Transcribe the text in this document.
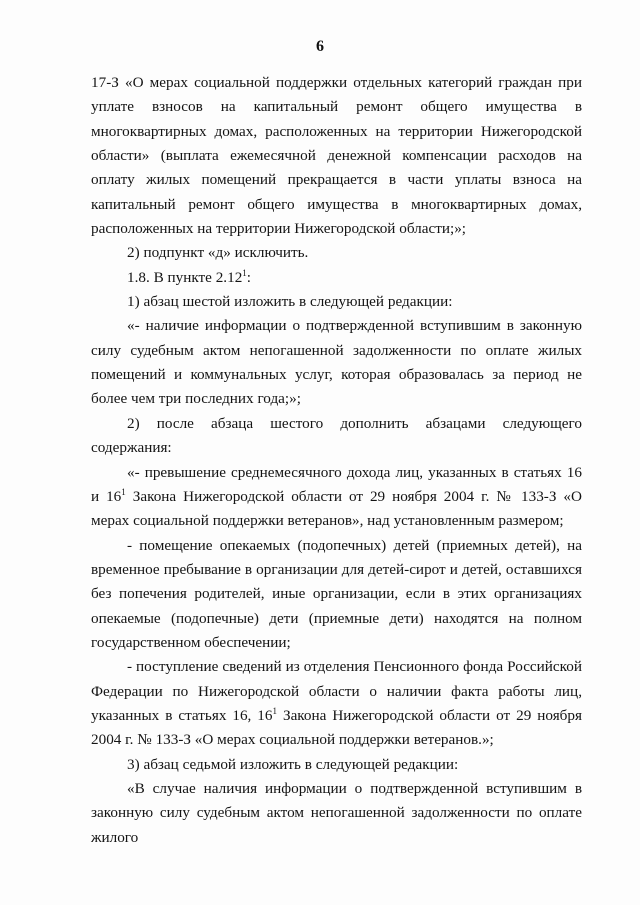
6

17-З «О мерах социальной поддержки отдельных категорий граждан при уплате взносов на капитальный ремонт общего имущества в многоквартирных домах, расположенных на территории Нижегородской области» (выплата ежемесячной денежной компенсации расходов на оплату жилых помещений прекращается в части уплаты взноса на капитальный ремонт общего имущества в многоквартирных домах, расположенных на территории Нижегородской области;»;

2) подпункт «д» исключить.

1.8. В пункте 2.12$^1$:

1) абзац шестой изложить в следующей редакции:

«- наличие информации о подтвержденной вступившим в законную силу судебным актом непогашенной задолженности по оплате жилых помещений и коммунальных услуг, которая образовалась за период не более чем три последних года;»;

2) после абзаца шестого дополнить абзацами следующего содержания:

«- превышение среднемесячного дохода лиц, указанных в статьях 16 и $16^1$ Закона Нижегородской области от 29 ноября 2004 г. № 133-З «О мерах социальной поддержки ветеранов», над установленным размером;

- помещение опекаемых (подопечных) детей (приемных детей), на временное пребывание в организации для детей-сирот и детей, оставшихся без попечения родителей, иные организации, если в этих организациях опекаемые (подопечные) дети (приемные дети) находятся на полном государственном обеспечении;

- поступление сведений из отделения Пенсионного фонда Российской Федерации по Нижегородской области о наличии факта работы лиц, указанных в статьях 16, $16^1$ Закона Нижегородской области от 29 ноября 2004 г. № 133-З «О мерах социальной поддержки ветеранов.»;

3) абзац седьмой изложить в следующей редакции:

«В случае наличия информации о подтвержденной вступившим в законную силу судебным актом непогашенной задолженности по оплате жилого
